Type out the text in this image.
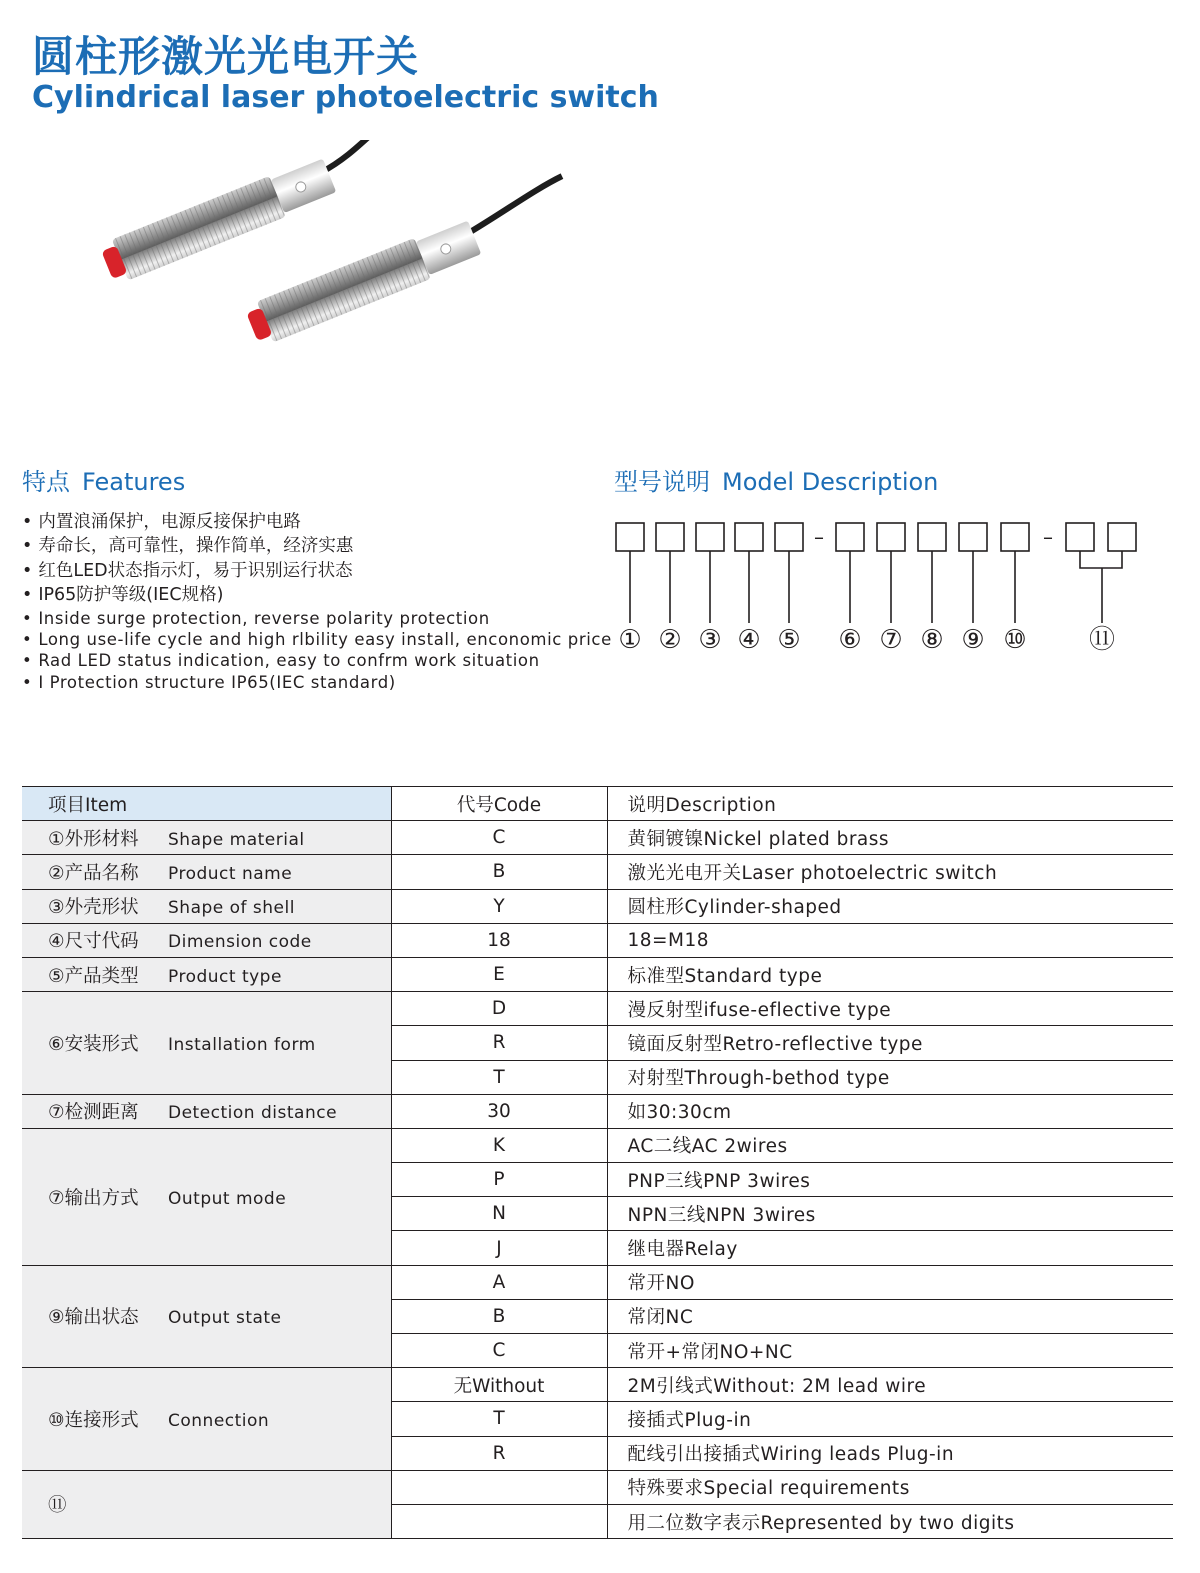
圆柱形激光光电开关
Cylindrical laser photoelectric switch
特点 Features
• 内置浪涌保护，电源反接保护电路
• 寿命长，高可靠性，操作简单，经济实惠
• 红色LED状态指示灯，易于识别运行状态
• IP65防护等级(IEC规格)
• Inside surge protection, reverse polarity protection
• Long use-life cycle and high rlbility easy install, enconomic price
• Rad LED status indication, easy to confrm work situation
• I Protection structure IP65(IEC standard)
型号说明 Model Description
–	–
① ② ③ ④ ⑤ ⑥ ⑦ ⑧ ⑨ ⑩ ⑪
项目Item	代号Code	说明Description
①外形材料 Shape material	C	黄铜镀镍Nickel plated brass
②产品名称 Product name	B	激光光电开关Laser photoelectric switch
③外壳形状 Shape of shell	Y	圆柱形Cylinder-shaped
④尺寸代码 Dimension code	18	18=M18
⑤产品类型 Product type	E	标准型Standard type
⑥安装形式 Installation form	D	漫反射型ifuse-eflective type
	R	镜面反射型Retro-reflective type
	T	对射型Through-bethod type
⑦检测距离 Detection distance	30	如30:30cm
⑦输出方式 Output mode	K	AC二线AC 2wires
	P	PNP三线PNP 3wires
	N	NPN三线NPN 3wires
	J	继电器Relay
⑨输出状态 Output state	A	常开NO
	B	常闭NC
	C	常开+常闭NO+NC
⑩连接形式 Connection	无Without	2M引线式Without: 2M lead wire
	T	接插式Plug-in
	R	配线引出接插式Wiring leads Plug-in
⑪		特殊要求Special requirements
		用二位数字表示Represented by two digits
